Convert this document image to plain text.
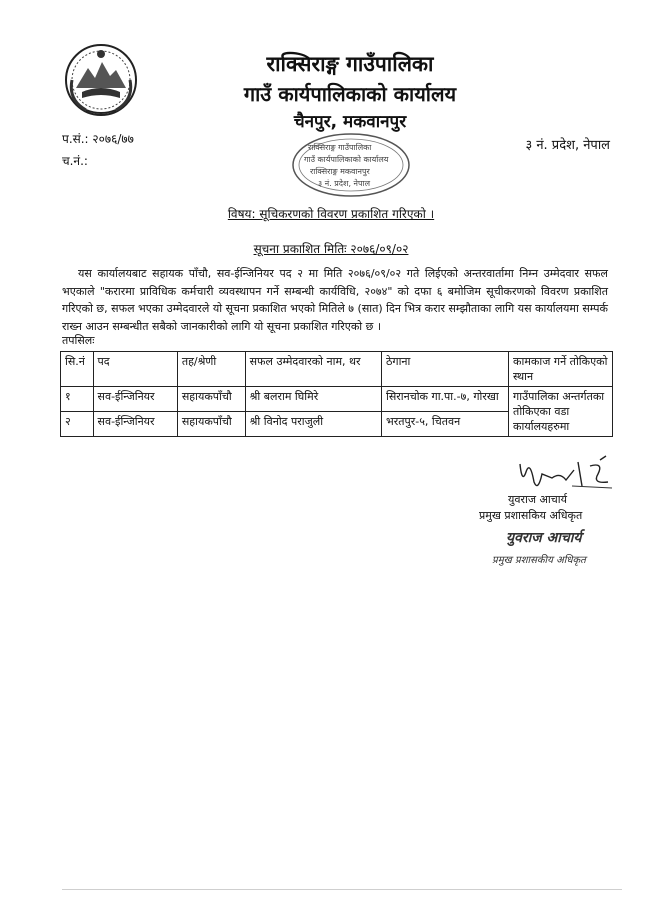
राक्सिराङ्ग गाउँपालिका
गाउँ कार्यपालिकाको कार्यालय
चैनपुर, मकवानपुर
प.सं.: २०७६/७७
च.नं.:
३ नं. प्रदेश, नेपाल
राक्सिराङ्ग गाउँपालिका
गाउँ कार्यपालिकाको कार्यालय
राक्सिराङ्ग मकवानपुर
३ नं. प्रदेश, नेपाल
विषय: सूचिकरणको विवरण प्रकाशित गरिएको ।
सूचना प्रकाशित मितिः २०७६/०९/०२
यस कार्यालयबाट सहायक पाँचौ, सव-ईन्जिनियर पद २ मा मिति २०७६/०९/०२ गते लिईएको अन्तरवार्तामा निम्न उम्मेदवार सफल भएकाले "करारमा प्राविधिक कर्मचारी व्यवस्थापन गर्ने सम्बन्धी कार्यविधि, २०७४" को दफा ६ बमोजिम सूचीकरणको विवरण प्रकाशित गरिएको छ, सफल भएका उम्मेदवारले यो सूचना प्रकाशित भएको मितिले ७ (सात) दिन भित्र करार सम्झौताका लागि यस कार्यालयमा सम्पर्क राख्न आउन सम्बन्धीत सबैको जानकारीको लागि यो सूचना प्रकाशित गरिएको छ ।
तपसिलः
सि.नं	पद	तह/श्रेणी	सफल उम्मेदवारको नाम, थर	ठेगाना	कामकाज गर्ने तोकिएको स्थान
१	सव-ईन्जिनियर	सहायकपाँचौ	श्री बलराम घिमिरे	सिरानचोक गा.पा.-७, गोरखा	गाउँपालिका अन्तर्गतका तोकिएका वडा कार्यालयहरुमा
२	सव-ईन्जिनियर	सहायकपाँचौ	श्री विनोद पराजुली	भरतपुर-५, चितवन	
युवराज आचार्य
प्रमुख प्रशासकिय अधिकृत
युवराज आचार्य
प्रमुख प्रशासकीय अधिकृत
